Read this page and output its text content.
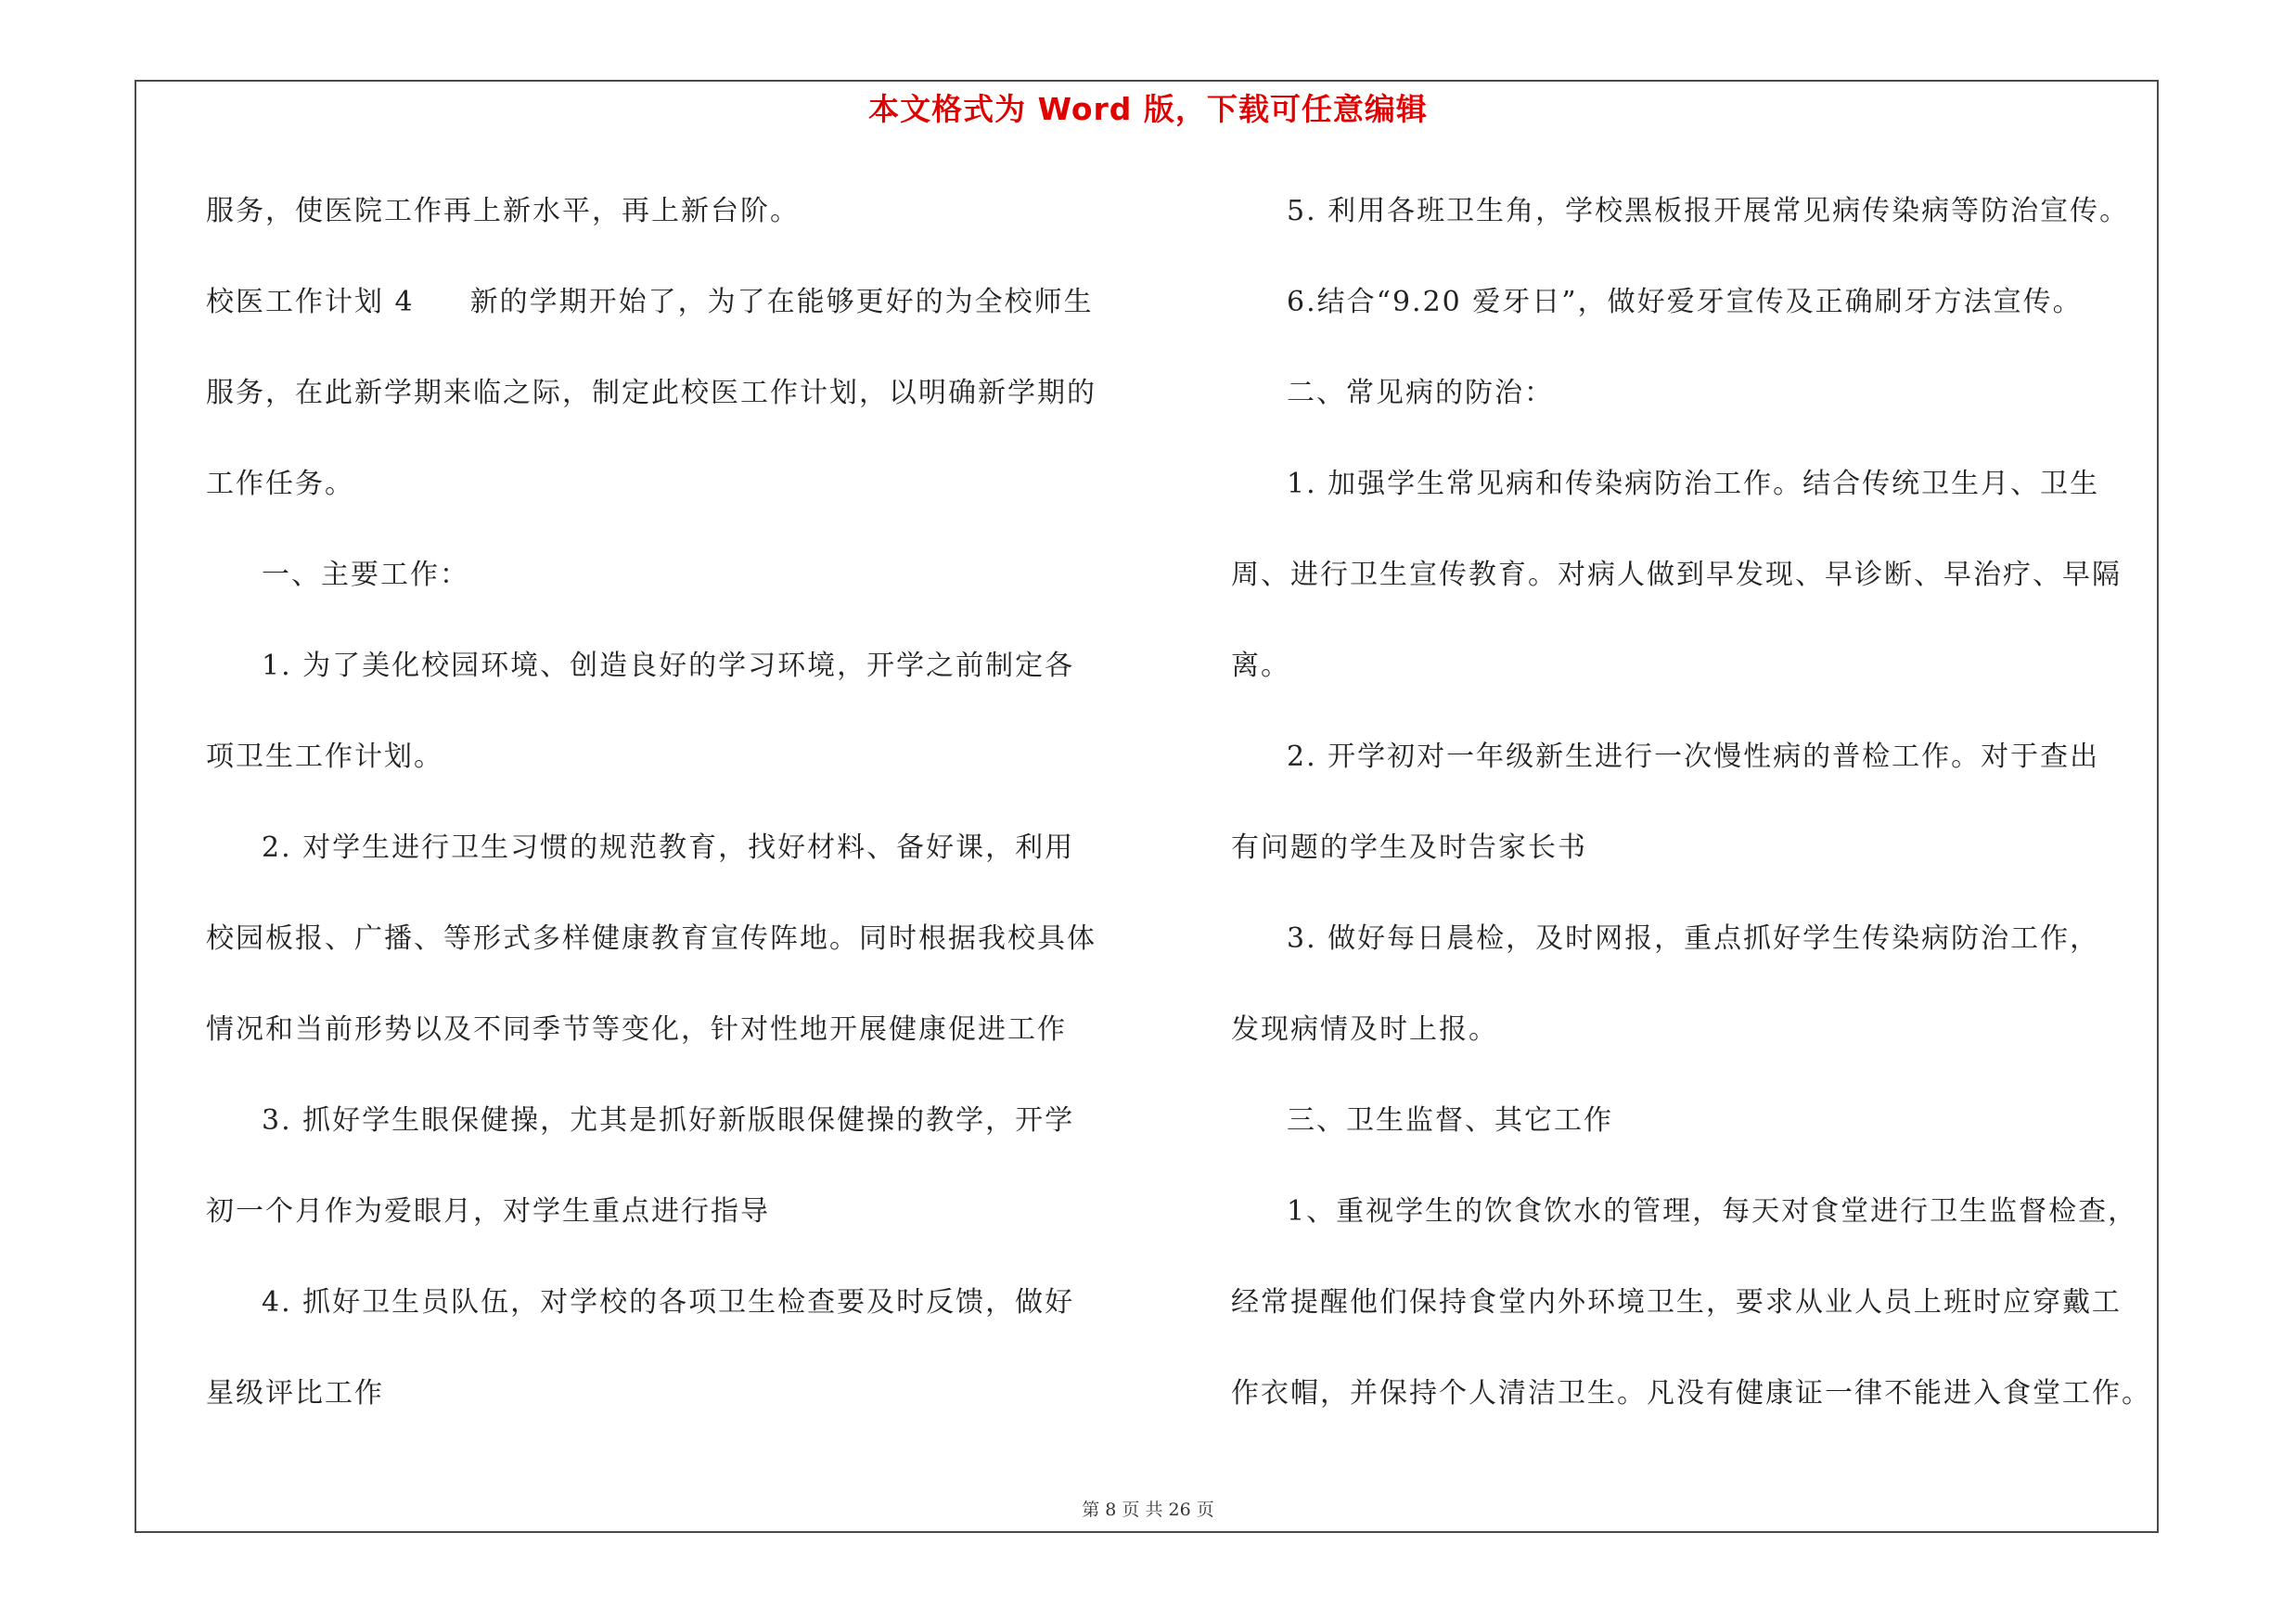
本文格式为 Word 版，下载可任意编辑
服务，使医院工作再上新水平，再上新台阶。
校医工作计划 4 新的学期开始了，为了在能够更好的为全校师生
服务，在此新学期来临之际，制定此校医工作计划，以明确新学期的
工作任务。
一、主要工作：
1. 为了美化校园环境、创造良好的学习环境，开学之前制定各
项卫生工作计划。
2. 对学生进行卫生习惯的规范教育，找好材料、备好课，利用
校园板报、广播、等形式多样健康教育宣传阵地。同时根据我校具体
情况和当前形势以及不同季节等变化，针对性地开展健康促进工作
3. 抓好学生眼保健操，尤其是抓好新版眼保健操的教学，开学
初一个月作为爱眼月，对学生重点进行指导
4. 抓好卫生员队伍，对学校的各项卫生检查要及时反馈，做好
星级评比工作
5. 利用各班卫生角，学校黑板报开展常见病传染病等防治宣传。
6.结合“9.20 爱牙日”，做好爱牙宣传及正确刷牙方法宣传。
二、常见病的防治：
1. 加强学生常见病和传染病防治工作。结合传统卫生月、卫生
周、进行卫生宣传教育。对病人做到早发现、早诊断、早治疗、早隔
离。
2. 开学初对一年级新生进行一次慢性病的普检工作。对于查出
有问题的学生及时告家长书
3. 做好每日晨检，及时网报，重点抓好学生传染病防治工作，
发现病情及时上报。
三、卫生监督、其它工作
1、重视学生的饮食饮水的管理，每天对食堂进行卫生监督检查，
经常提醒他们保持食堂内外环境卫生，要求从业人员上班时应穿戴工
作衣帽，并保持个人清洁卫生。凡没有健康证一律不能进入食堂工作。
第 8 页 共 26 页
